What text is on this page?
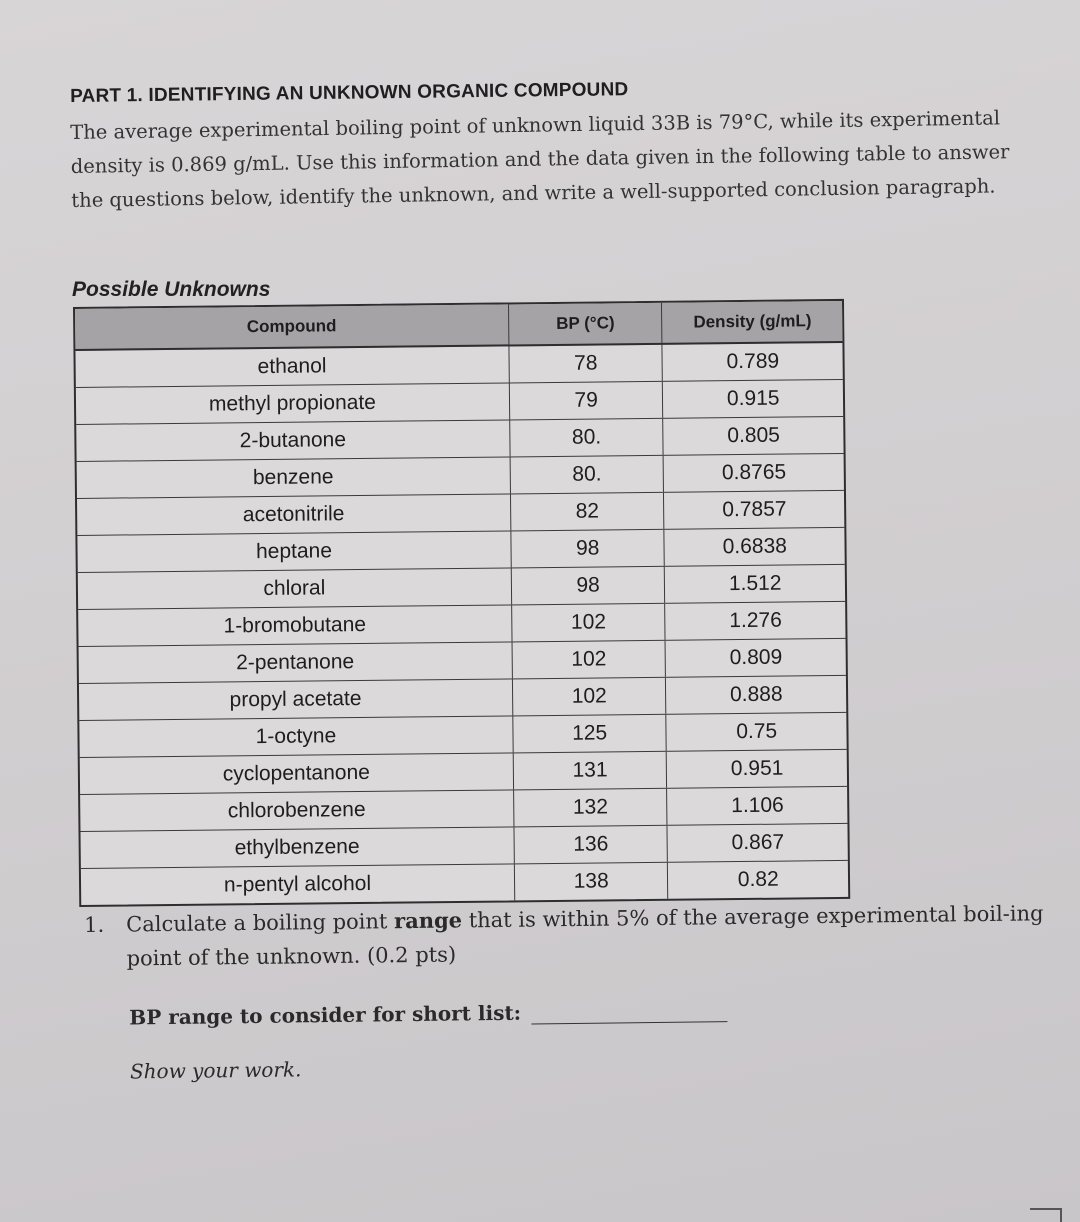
PART 1. IDENTIFYING AN UNKNOWN ORGANIC COMPOUND
The average experimental boiling point of unknown liquid 33B is 79°C, while its experimental density is 0.869 g/mL. Use this information and the data given in the following table to answer the questions below, identify the unknown, and write a well-supported conclusion paragraph.
Possible Unknowns
Compound	BP (°C)	Density (g/mL)
ethanol	78	0.789
methyl propionate	79	0.915
2-butanone	80.	0.805
benzene	80.	0.8765
acetonitrile	82	0.7857
heptane	98	0.6838
chloral	98	1.512
1-bromobutane	102	1.276
2-pentanone	102	0.809
propyl acetate	102	0.888
1-octyne	125	0.75
cyclopentanone	131	0.951
chlorobenzene	132	1.106
ethylbenzene	136	0.867
n-pentyl alcohol	138	0.82
1.	Calculate a boiling point range that is within 5% of the average experimental boil-ing point of the unknown. (0.2 pts)
BP range to consider for short list:
Show your work.
